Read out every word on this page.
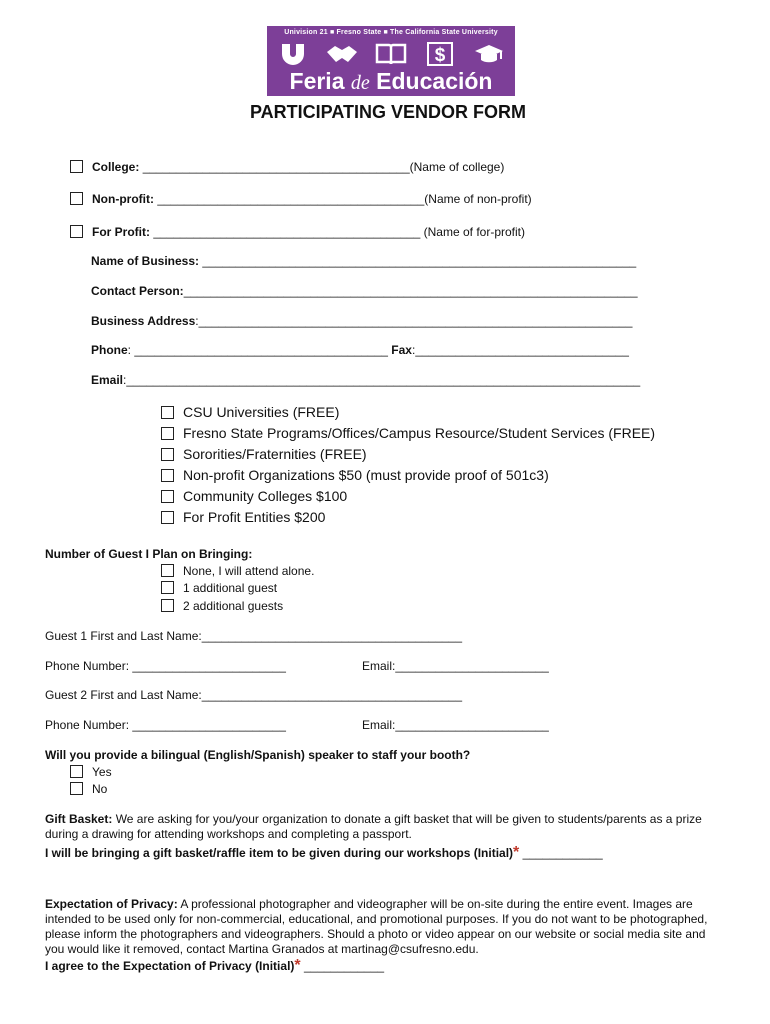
Univision 21 ■ Fresno State ■ The California State University
$
Feria de Educación
PARTICIPATING VENDOR FORM
College: ________________________________________(Name of college)
Non-profit: ________________________________________(Name of non-profit)
For Profit: ________________________________________ (Name of for-profit)
Name of Business: _________________________________________________________________
Contact Person:____________________________________________________________________
Business Address:_________________________________________________________________
Phone: ______________________________________ Fax:________________________________
Email:_____________________________________________________________________________
CSU Universities (FREE)
Fresno State Programs/Offices/Campus Resource/Student Services (FREE)
Sororities/Fraternities (FREE)
Non-profit Organizations $50 (must provide proof of 501c3)
Community Colleges $100
For Profit Entities $200
Number of Guest I Plan on Bringing:
None, I will attend alone.
1 additional guest
2 additional guests
Guest 1 First and Last Name:_______________________________________
Phone Number: _______________________	Email:_______________________
Guest 2 First and Last Name:_______________________________________
Phone Number: _______________________	Email:_______________________
Will you provide a bilingual (English/Spanish) speaker to staff your booth?
Yes
No
Gift Basket: We are asking for you/your organization to donate a gift basket that will be given to students/parents as a prize during a drawing for attending workshops and completing a passport.
I will be bringing a gift basket/raffle item to be given during our workshops (Initial)* ____________
Expectation of Privacy: A professional photographer and videographer will be on-site during the entire event. Images are intended to be used only for non-commercial, educational, and promotional purposes. If you do not want to be photographed, please inform the photographers and videographers. Should a photo or video appear on our website or social media site and you would like it removed, contact Martina Granados at martinag@csufresno.edu.
I agree to the Expectation of Privacy (Initial)* ____________
